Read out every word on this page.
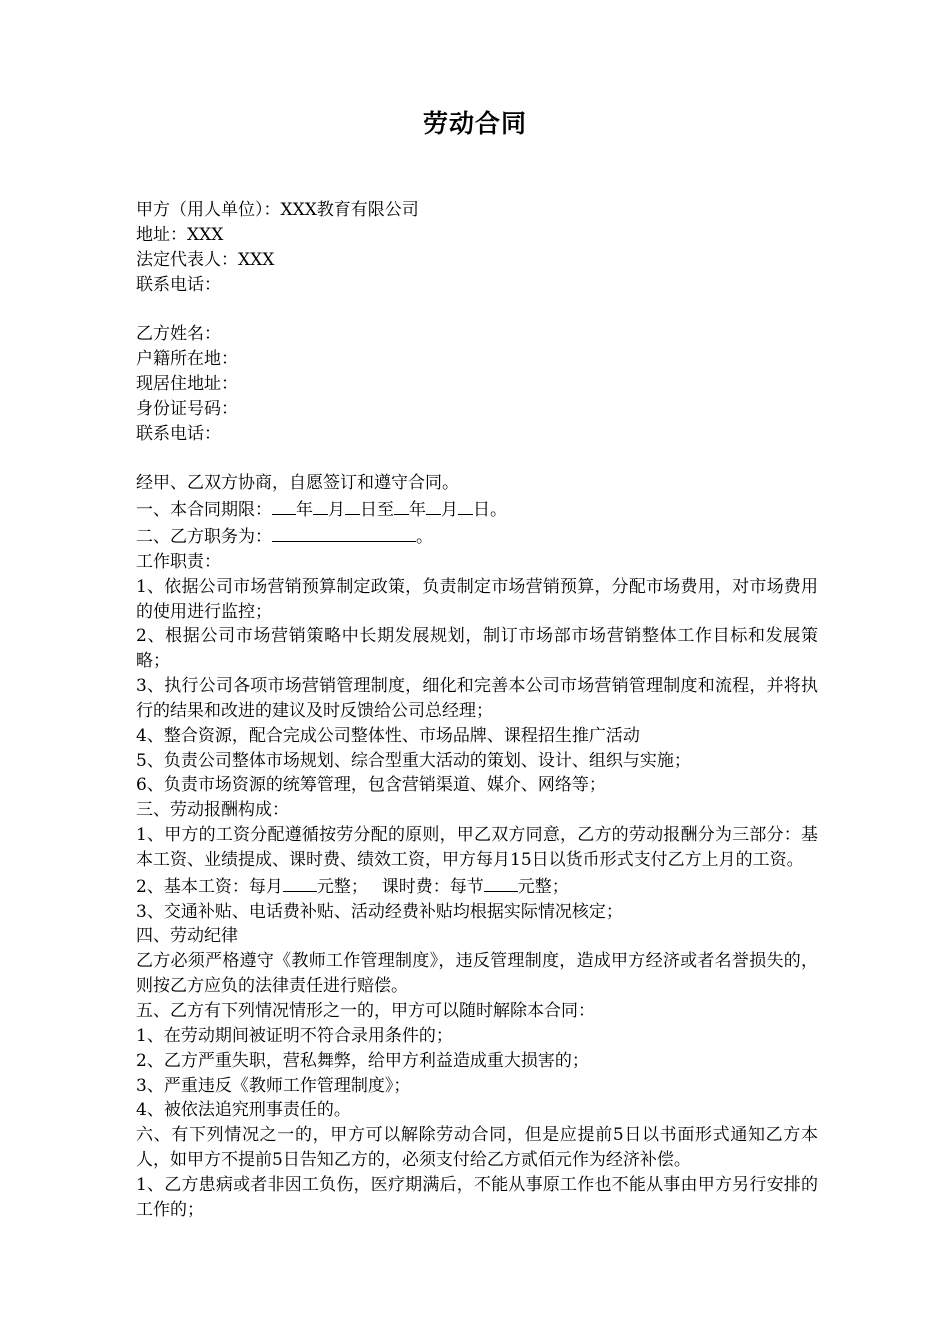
劳动合同
甲方（用人单位）：XXX教育有限公司
地址：XXX
法定代表人：XXX
联系电话：
乙方姓名：
户籍所在地：
现居住地址：
身份证号码：
联系电话：
经甲、乙双方协商，自愿签订和遵守合同。
一、本合同期限： 年 月 日至 年 月 日。
二、乙方职务为：	。
工作职责：
1、依据公司市场营销预算制定政策，负责制定市场营销预算，分配市场费用，对市场费用的使用进行监控；
2、根据公司市场营销策略中长期发展规划，制订市场部市场营销整体工作目标和发展策略；
3、执行公司各项市场营销管理制度，细化和完善本公司市场营销管理制度和流程，并将执行的结果和改进的建议及时反馈给公司总经理；
4、整合资源，配合完成公司整体性、市场品牌、课程招生推广活动
5、负责公司整体市场规划、综合型重大活动的策划、设计、组织与实施；
6、负责市场资源的统筹管理，包含营销渠道、媒介、网络等；
三、劳动报酬构成：
1、甲方的工资分配遵循按劳分配的原则，甲乙双方同意，乙方的劳动报酬分为三部分：基本工资、业绩提成、课时费、绩效工资，甲方每月15日以货币形式支付乙方上月的工资。
2、基本工资：每月 元整；　 课时费：每节 元整；
3、交通补贴、电话费补贴、活动经费补贴均根据实际情况核定；
四、劳动纪律
乙方必须严格遵守《教师工作管理制度》，违反管理制度，造成甲方经济或者名誉损失的，则按乙方应负的法律责任进行赔偿。
五、乙方有下列情况情形之一的，甲方可以随时解除本合同：
1、在劳动期间被证明不符合录用条件的；
2、乙方严重失职，营私舞弊，给甲方利益造成重大损害的；
3、严重违反《教师工作管理制度》；
4、被依法追究刑事责任的。
六、有下列情况之一的，甲方可以解除劳动合同，但是应提前5日以书面形式通知乙方本人，如甲方不提前5日告知乙方的，必须支付给乙方贰佰元作为经济补偿。
1、乙方患病或者非因工负伤，医疗期满后，不能从事原工作也不能从事由甲方另行安排的工作的；
